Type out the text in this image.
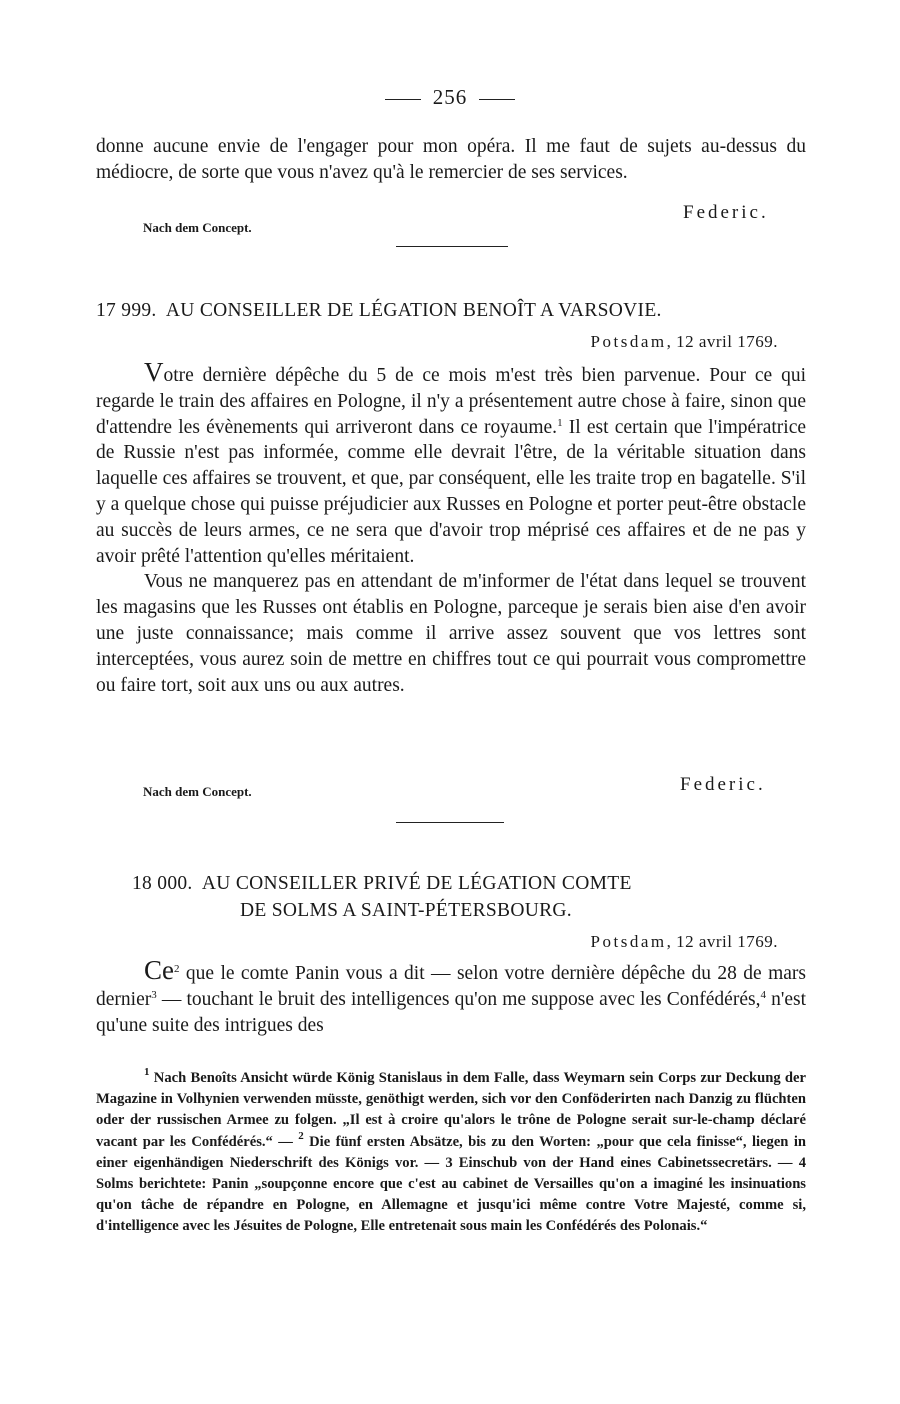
256

donne aucune envie de l'engager pour mon opéra. Il me faut de sujets au-dessus du médiocre, de sorte que vous n'avez qu'à le remercier de ses services.

Federic.
Nach dem Concept.
17 999. AU CONSEILLER DE LÉGATION BENOÎT A VARSOVIE.
Potsdam, 12 avril 1769.

Votre dernière dépêche du 5 de ce mois m'est très bien parvenue. Pour ce qui regarde le train des affaires en Pologne, il n'y a présentement autre chose à faire, sinon que d'attendre les évènements qui arriveront dans ce royaume.$^1$ Il est certain que l'impératrice de Russie n'est pas informée, comme elle devrait l'être, de la véritable situation dans laquelle ces affaires se trouvent, et que, par conséquent, elle les traite trop en bagatelle. S'il y a quelque chose qui puisse préjudicier aux Russes en Pologne et porter peut-être obstacle au succès de leurs armes, ce ne sera que d'avoir trop méprisé ces affaires et de ne pas y avoir prêté l'attention qu'elles méritaient.

Vous ne manquerez pas en attendant de m'informer de l'état dans lequel se trouvent les magasins que les Russes ont établis en Pologne, parceque je serais bien aise d'en avoir une juste connaissance; mais comme il arrive assez souvent que vos lettres sont interceptées, vous aurez soin de mettre en chiffres tout ce qui pourrait vous compromettre ou faire tort, soit aux uns ou aux autres.

Federic.
Nach dem Concept.
18 000. AU CONSEILLER PRIVÉ DE LÉGATION COMTE
DE SOLMS A SAINT-PÉTERSBOURG.
Potsdam, 12 avril 1769.

Ce$^2$ que le comte Panin vous a dit — selon votre dernière dépêche du 28 de mars dernier$^3$ — touchant le bruit des intelligences qu'on me suppose avec les Confédérés,$^4$ n'est qu'une suite des intrigues des

$^1$ Nach Benoîts Ansicht würde König Stanislaus in dem Falle, dass Weymarn sein Corps zur Deckung der Magazine in Volhynien verwenden müsste, genöthigt werden, sich vor den Conföderirten nach Danzig zu flüchten oder der russischen Armee zu folgen. „Il est à croire qu'alors le trône de Pologne serait sur-le-champ déclaré vacant par les Confédérés.“ — $^2$ Die fünf ersten Absätze, bis zu den Worten: „pour que cela finisse“, liegen in einer eigenhändigen Niederschrift des Königs vor. — 3 Einschub von der Hand eines Cabinetssecretärs. — 4 Solms berichtete: Panin „soupçonne encore que c'est au cabinet de Versailles qu'on a imaginé les insinuations qu'on tâche de répandre en Pologne, en Allemagne et jusqu'ici même contre Votre Majesté, comme si, d'intelligence avec les Jésuites de Pologne, Elle entretenait sous main les Confédérés des Polonais.“
